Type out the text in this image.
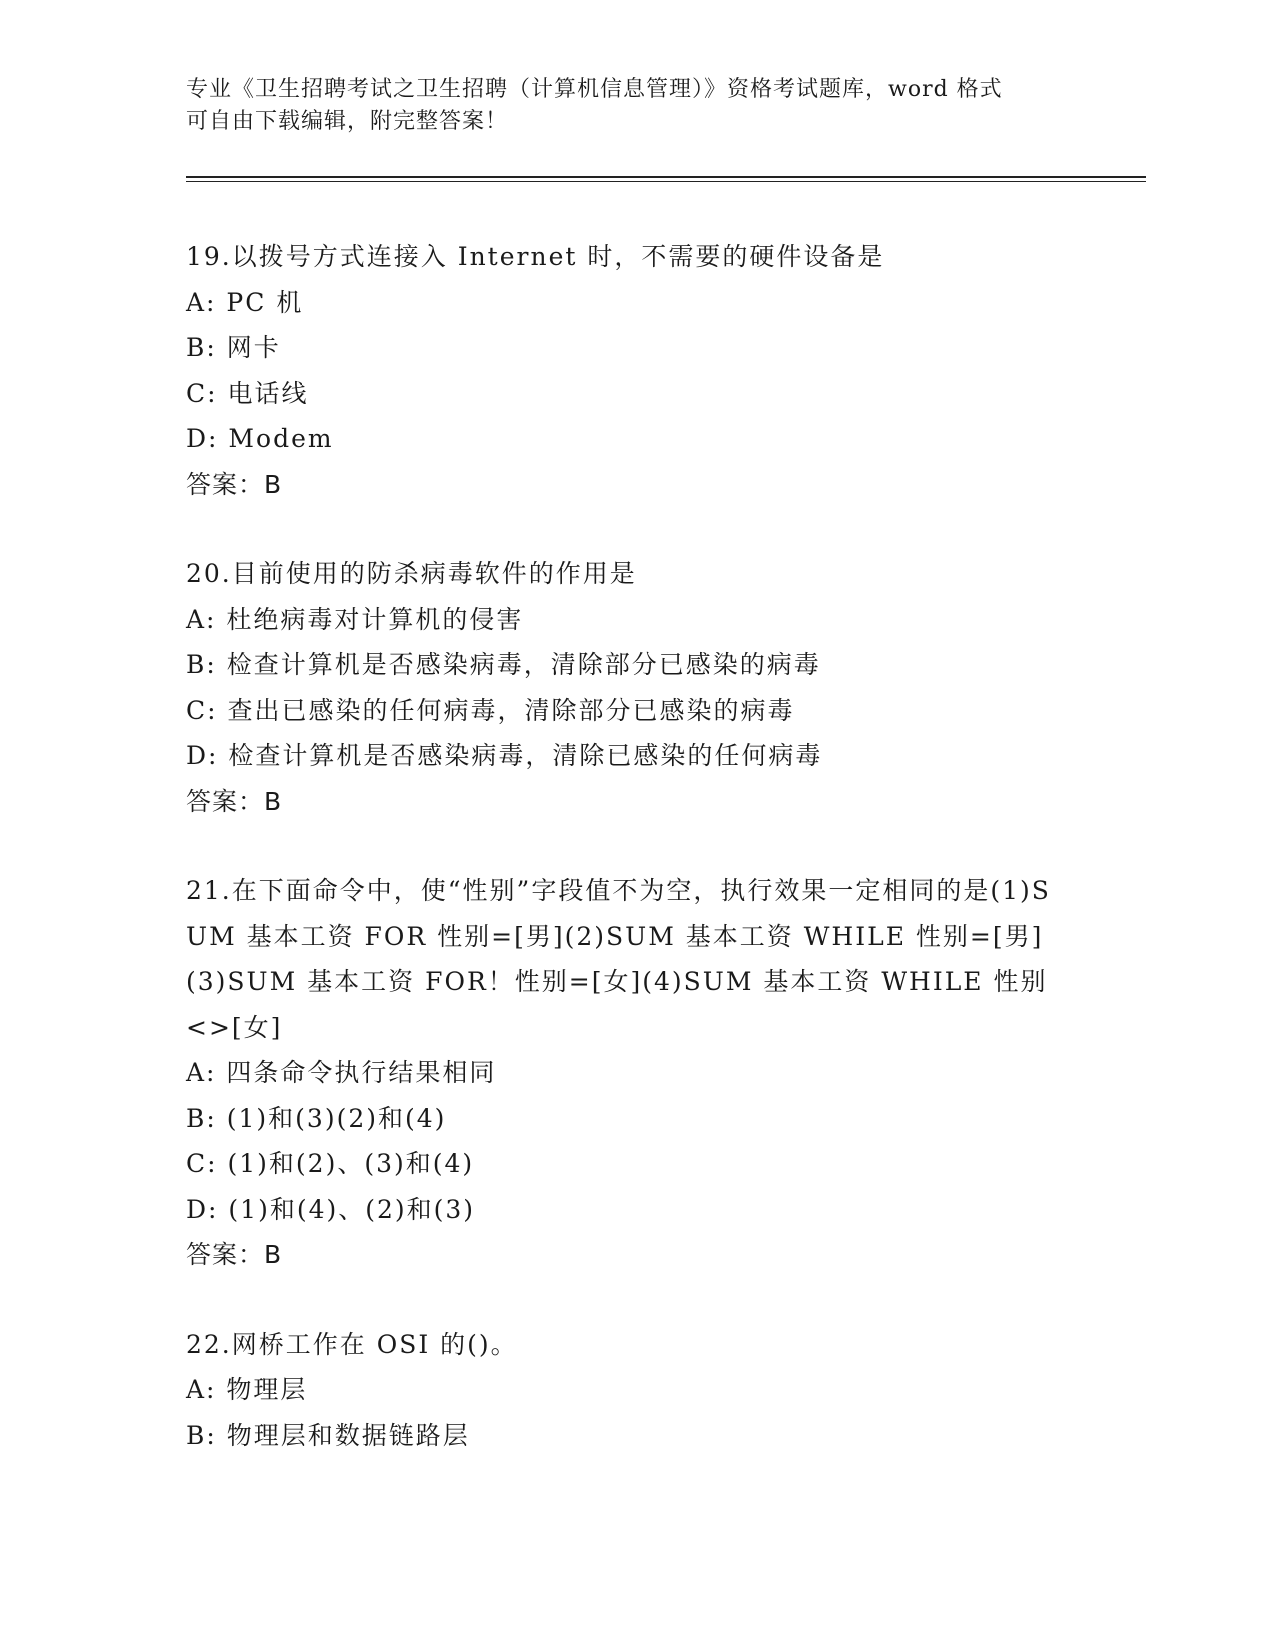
专业《卫生招聘考试之卫生招聘（计算机信息管理）》资格考试题库，word 格式
可自由下载编辑，附完整答案！
19.以拨号方式连接入 Internet 时，不需要的硬件设备是
A: PC 机
B: 网卡
C: 电话线
D: Modem
答案：B
20.目前使用的防杀病毒软件的作用是
A: 杜绝病毒对计算机的侵害
B: 检查计算机是否感染病毒，清除部分已感染的病毒
C: 查出已感染的任何病毒，清除部分已感染的病毒
D: 检查计算机是否感染病毒，清除已感染的任何病毒
答案：B
21.在下面命令中，使“性别”字段值不为空，执行效果一定相同的是(1)SUM 基本工资 FOR 性别=[男](2)SUM 基本工资 WHILE 性别=[男](3)SUM 基本工资 FOR！性别=[女](4)SUM 基本工资 WHILE 性别<>[女]
A: 四条命令执行结果相同
B: (1)和(3)(2)和(4)
C: (1)和(2)、(3)和(4)
D: (1)和(4)、(2)和(3)
答案：B
22.网桥工作在 OSI 的()。
A: 物理层
B: 物理层和数据链路层
